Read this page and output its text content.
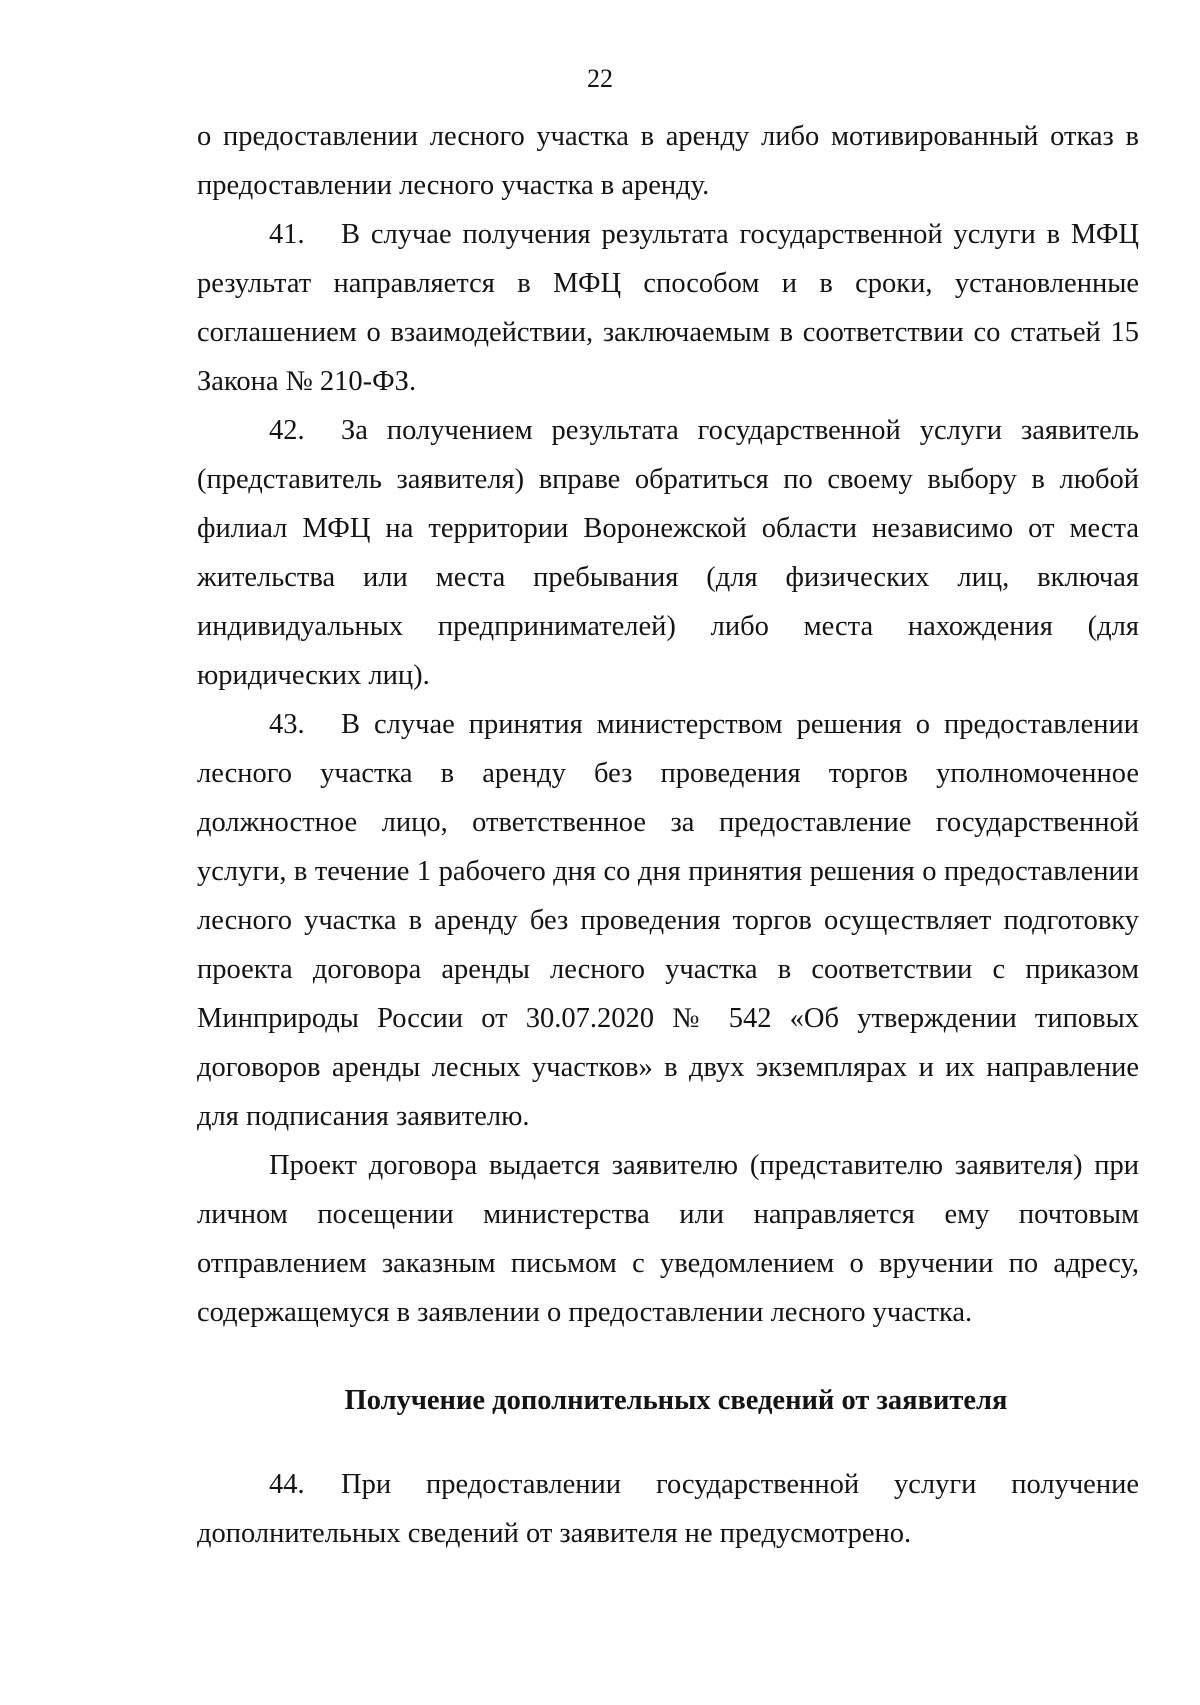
22

о предоставлении лесного участка в аренду либо мотивированный отказ в предоставлении лесного участка в аренду.

41. В случае получения результата государственной услуги в МФЦ результат направляется в МФЦ способом и в сроки, установленные соглашением о взаимодействии, заключаемым в соответствии со статьей 15 Закона № 210-ФЗ.

42. За получением результата государственной услуги заявитель (представитель заявителя) вправе обратиться по своему выбору в любой филиал МФЦ на территории Воронежской области независимо от места жительства или места пребывания (для физических лиц, включая индивидуальных предпринимателей) либо места нахождения (для юридических лиц).

43. В случае принятия министерством решения о предоставлении лесного участка в аренду без проведения торгов уполномоченное должностное лицо, ответственное за предоставление государственной услуги, в течение 1 рабочего дня со дня принятия решения о предоставлении лесного участка в аренду без проведения торгов осуществляет подготовку проекта договора аренды лесного участка в соответствии с приказом Минприроды России от 30.07.2020 № 542 «Об утверждении типовых договоров аренды лесных участков» в двух экземплярах и их направление для подписания заявителю.

Проект договора выдается заявителю (представителю заявителя) при личном посещении министерства или направляется ему почтовым отправлением заказным письмом с уведомлением о вручении по адресу, содержащемуся в заявлении о предоставлении лесного участка.

Получение дополнительных сведений от заявителя

44. При предоставлении государственной услуги получение дополнительных сведений от заявителя не предусмотрено.
